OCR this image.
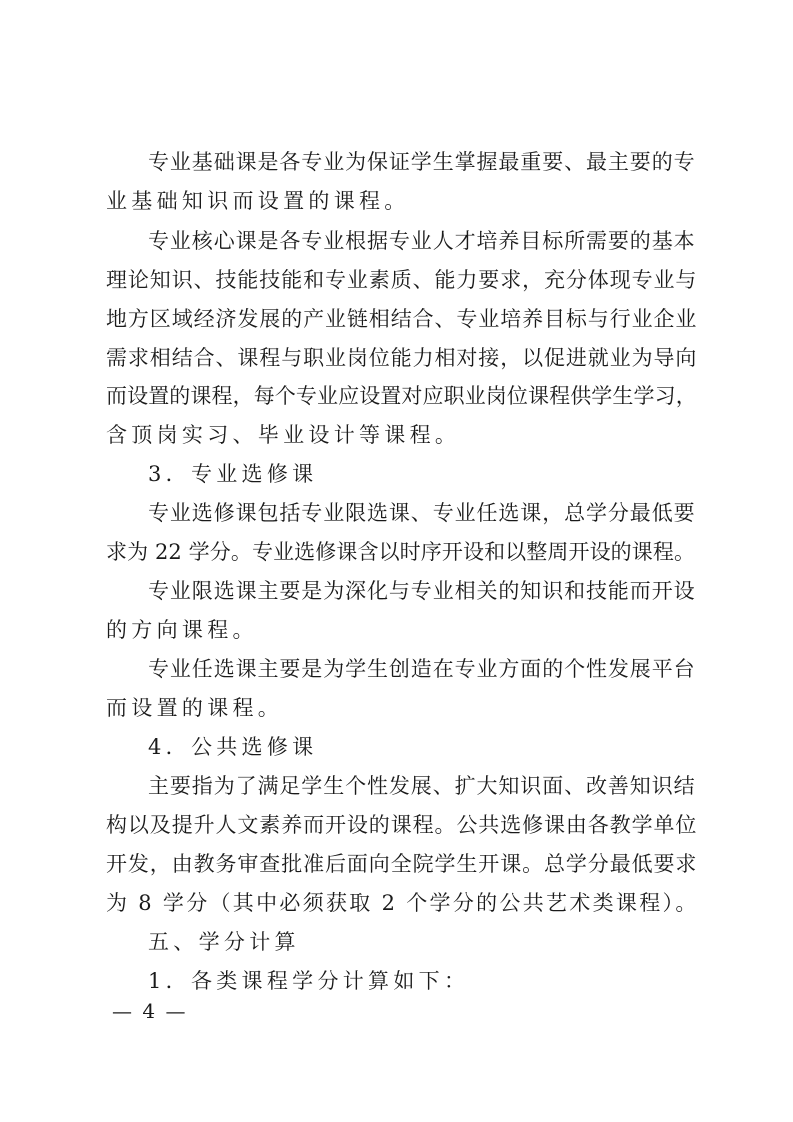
专业基础课是各专业为保证学生掌握最重要、最主要的专
业基础知识而设置的课程。
专业核心课是各专业根据专业人才培养目标所需要的基本
理论知识、技能技能和专业素质、能力要求，充分体现专业与
地方区域经济发展的产业链相结合、专业培养目标与行业企业
需求相结合、课程与职业岗位能力相对接，以促进就业为导向
而设置的课程，每个专业应设置对应职业岗位课程供学生学习，
含顶岗实习、毕业设计等课程。
3．专业选修课
专业选修课包括专业限选课、专业任选课，总学分最低要
求为 22 学分。专业选修课含以时序开设和以整周开设的课程。
专业限选课主要是为深化与专业相关的知识和技能而开设
的方向课程。
专业任选课主要是为学生创造在专业方面的个性发展平台
而设置的课程。
4．公共选修课
主要指为了满足学生个性发展、扩大知识面、改善知识结
构以及提升人文素养而开设的课程。公共选修课由各教学单位
开发，由教务审查批准后面向全院学生开课。总学分最低要求
为 8 学分（其中必须获取 2 个学分的公共艺术类课程）。
五、学分计算
1．各类课程学分计算如下：
— 4 —
